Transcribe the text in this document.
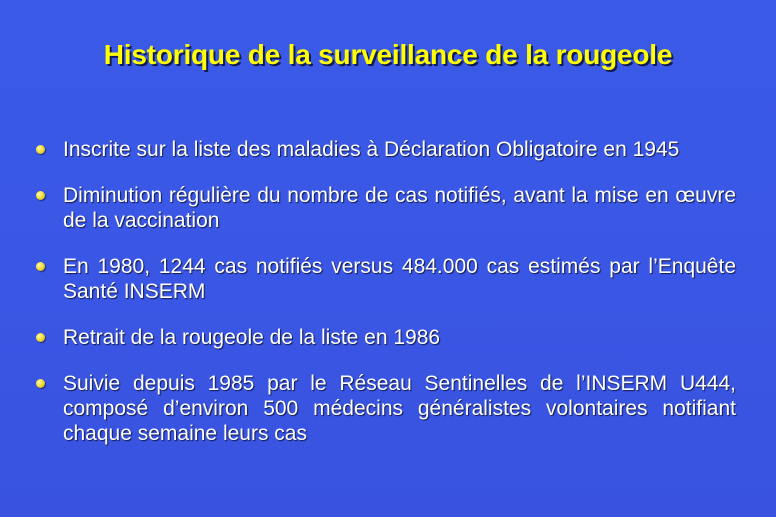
Historique de la surveillance de la rougeole
Inscrite sur la liste des maladies à Déclaration Obligatoire en 1945
Diminution régulière du nombre de cas notifiés, avant la mise en œuvre de la vaccination
En 1980, 1244 cas notifiés versus 484.000 cas estimés par l’Enquête Santé INSERM
Retrait de la rougeole de la liste en 1986
Suivie depuis 1985 par le Réseau Sentinelles de l’INSERM U444, composé d’environ 500 médecins généralistes volontaires notifiant chaque semaine leurs cas
